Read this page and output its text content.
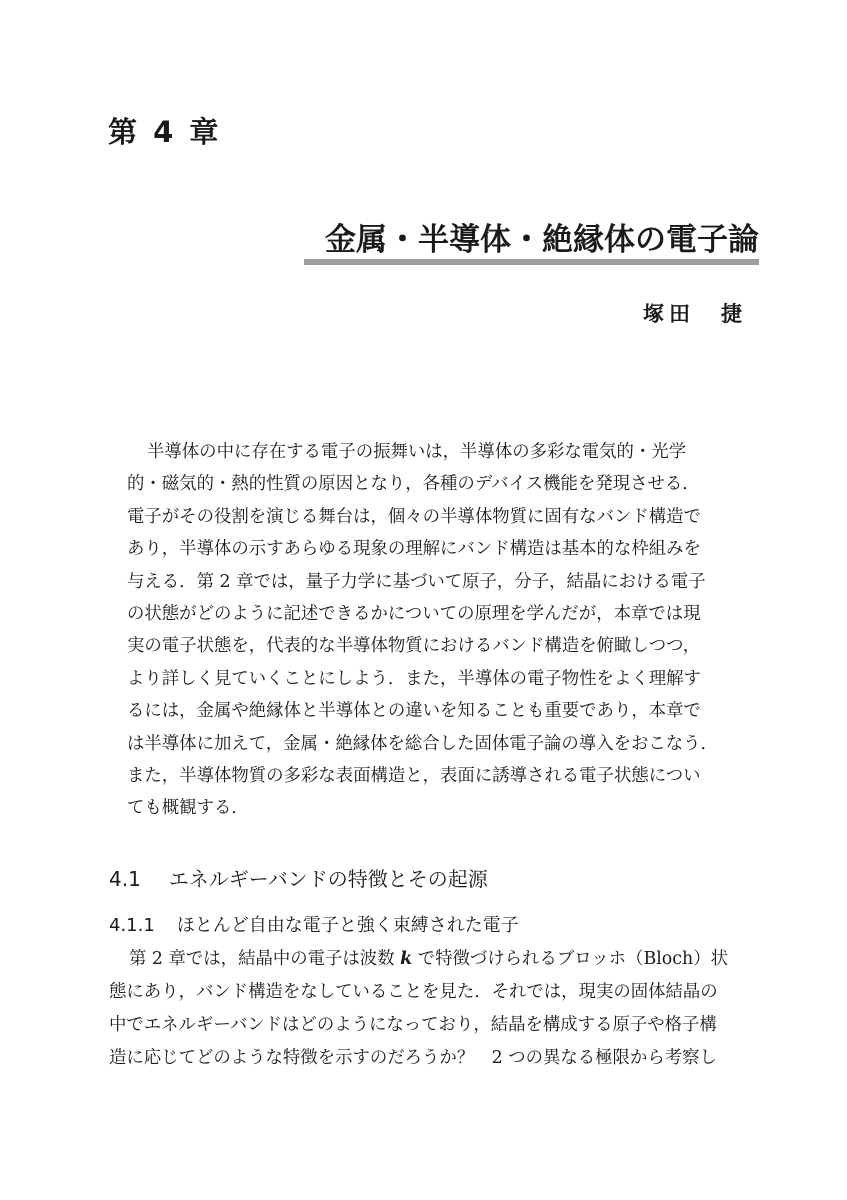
第 4 章
金属・半導体・絶縁体の電子論
塚田　捷
半導体の中に存在する電子の振舞いは，半導体の多彩な電気的・光学
的・磁気的・熱的性質の原因となり，各種のデバイス機能を発現させる．
電子がその役割を演じる舞台は，個々の半導体物質に固有なバンド構造で
あり，半導体の示すあらゆる現象の理解にバンド構造は基本的な枠組みを
与える．第 2 章では，量子力学に基づいて原子，分子，結晶における電子
の状態がどのように記述できるかについての原理を学んだが，本章では現
実の電子状態を，代表的な半導体物質におけるバンド構造を俯瞰しつつ，
より詳しく見ていくことにしよう．また，半導体の電子物性をよく理解す
るには，金属や絶縁体と半導体との違いを知ることも重要であり，本章で
は半導体に加えて，金属・絶縁体を総合した固体電子論の導入をおこなう．
また，半導体物質の多彩な表面構造と，表面に誘導される電子状態につい
ても概観する．
4.1 エネルギーバンドの特徴とその起源
4.1.1 ほとんど自由な電子と強く束縛された電子
第 2 章では，結晶中の電子は波数 k で特徴づけられるブロッホ（Bloch）状
態にあり，バンド構造をなしていることを見た．それでは，現実の固体結晶の
中でエネルギーバンドはどのようになっており，結晶を構成する原子や格子構
造に応じてどのような特徴を示すのだろうか？　2 つの異なる極限から考察し
